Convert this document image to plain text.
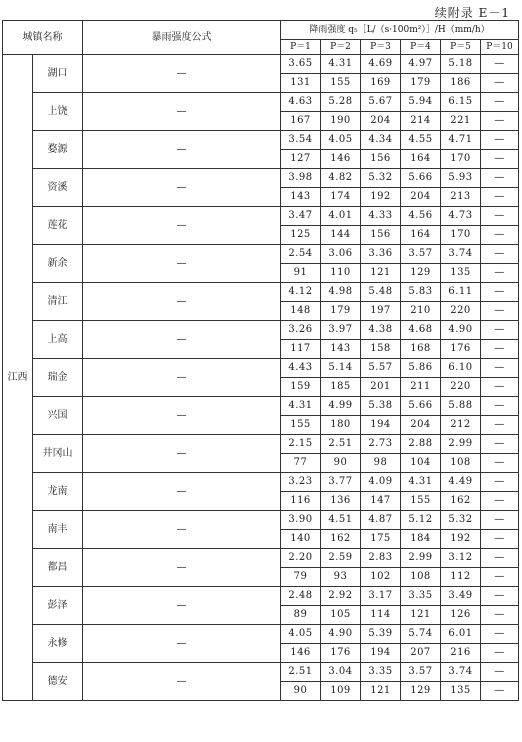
续附录 E－1
城镇名称		暴雨强度公式	降雨强度 q₅［L/（s·100m²）］/H（mm/h）					
			P＝1	P＝2	P＝3	P＝4	P＝5	P＝10
江西	湖口	—	3.65	4.31	4.69	4.97	5.18	—
			131	155	169	179	186	—
	上饶	—	4.63	5.28	5.67	5.94	6.15	—
			167	190	204	214	221	—
	婺源	—	3.54	4.05	4.34	4.55	4.71	—
			127	146	156	164	170	—
	资溪	—	3.98	4.82	5.32	5.66	5.93	—
			143	174	192	204	213	—
	莲花	—	3.47	4.01	4.33	4.56	4.73	—
			125	144	156	164	170	—
	新余	—	2.54	3.06	3.36	3.57	3.74	—
			91	110	121	129	135	—
	清江	—	4.12	4.98	5.48	5.83	6.11	—
			148	179	197	210	220	—
	上高	—	3.26	3.97	4.38	4.68	4.90	—
			117	143	158	168	176	—
	瑞金	—	4.43	5.14	5.57	5.86	6.10	—
			159	185	201	211	220	—
	兴国	—	4.31	4.99	5.38	5.66	5.88	—
			155	180	194	204	212	—
	井冈山	—	2.15	2.51	2.73	2.88	2.99	—
			77	90	98	104	108	—
	龙南	—	3.23	3.77	4.09	4.31	4.49	—
			116	136	147	155	162	—
	南丰	—	3.90	4.51	4.87	5.12	5.32	—
			140	162	175	184	192	—
	都昌	—	2.20	2.59	2.83	2.99	3.12	—
			79	93	102	108	112	—
	彭泽	—	2.48	2.92	3.17	3.35	3.49	—
			89	105	114	121	126	—
	永修	—	4.05	4.90	5.39	5.74	6.01	—
			146	176	194	207	216	—
	德安	—	2.51	3.04	3.35	3.57	3.74	—
			90	109	121	129	135	—
